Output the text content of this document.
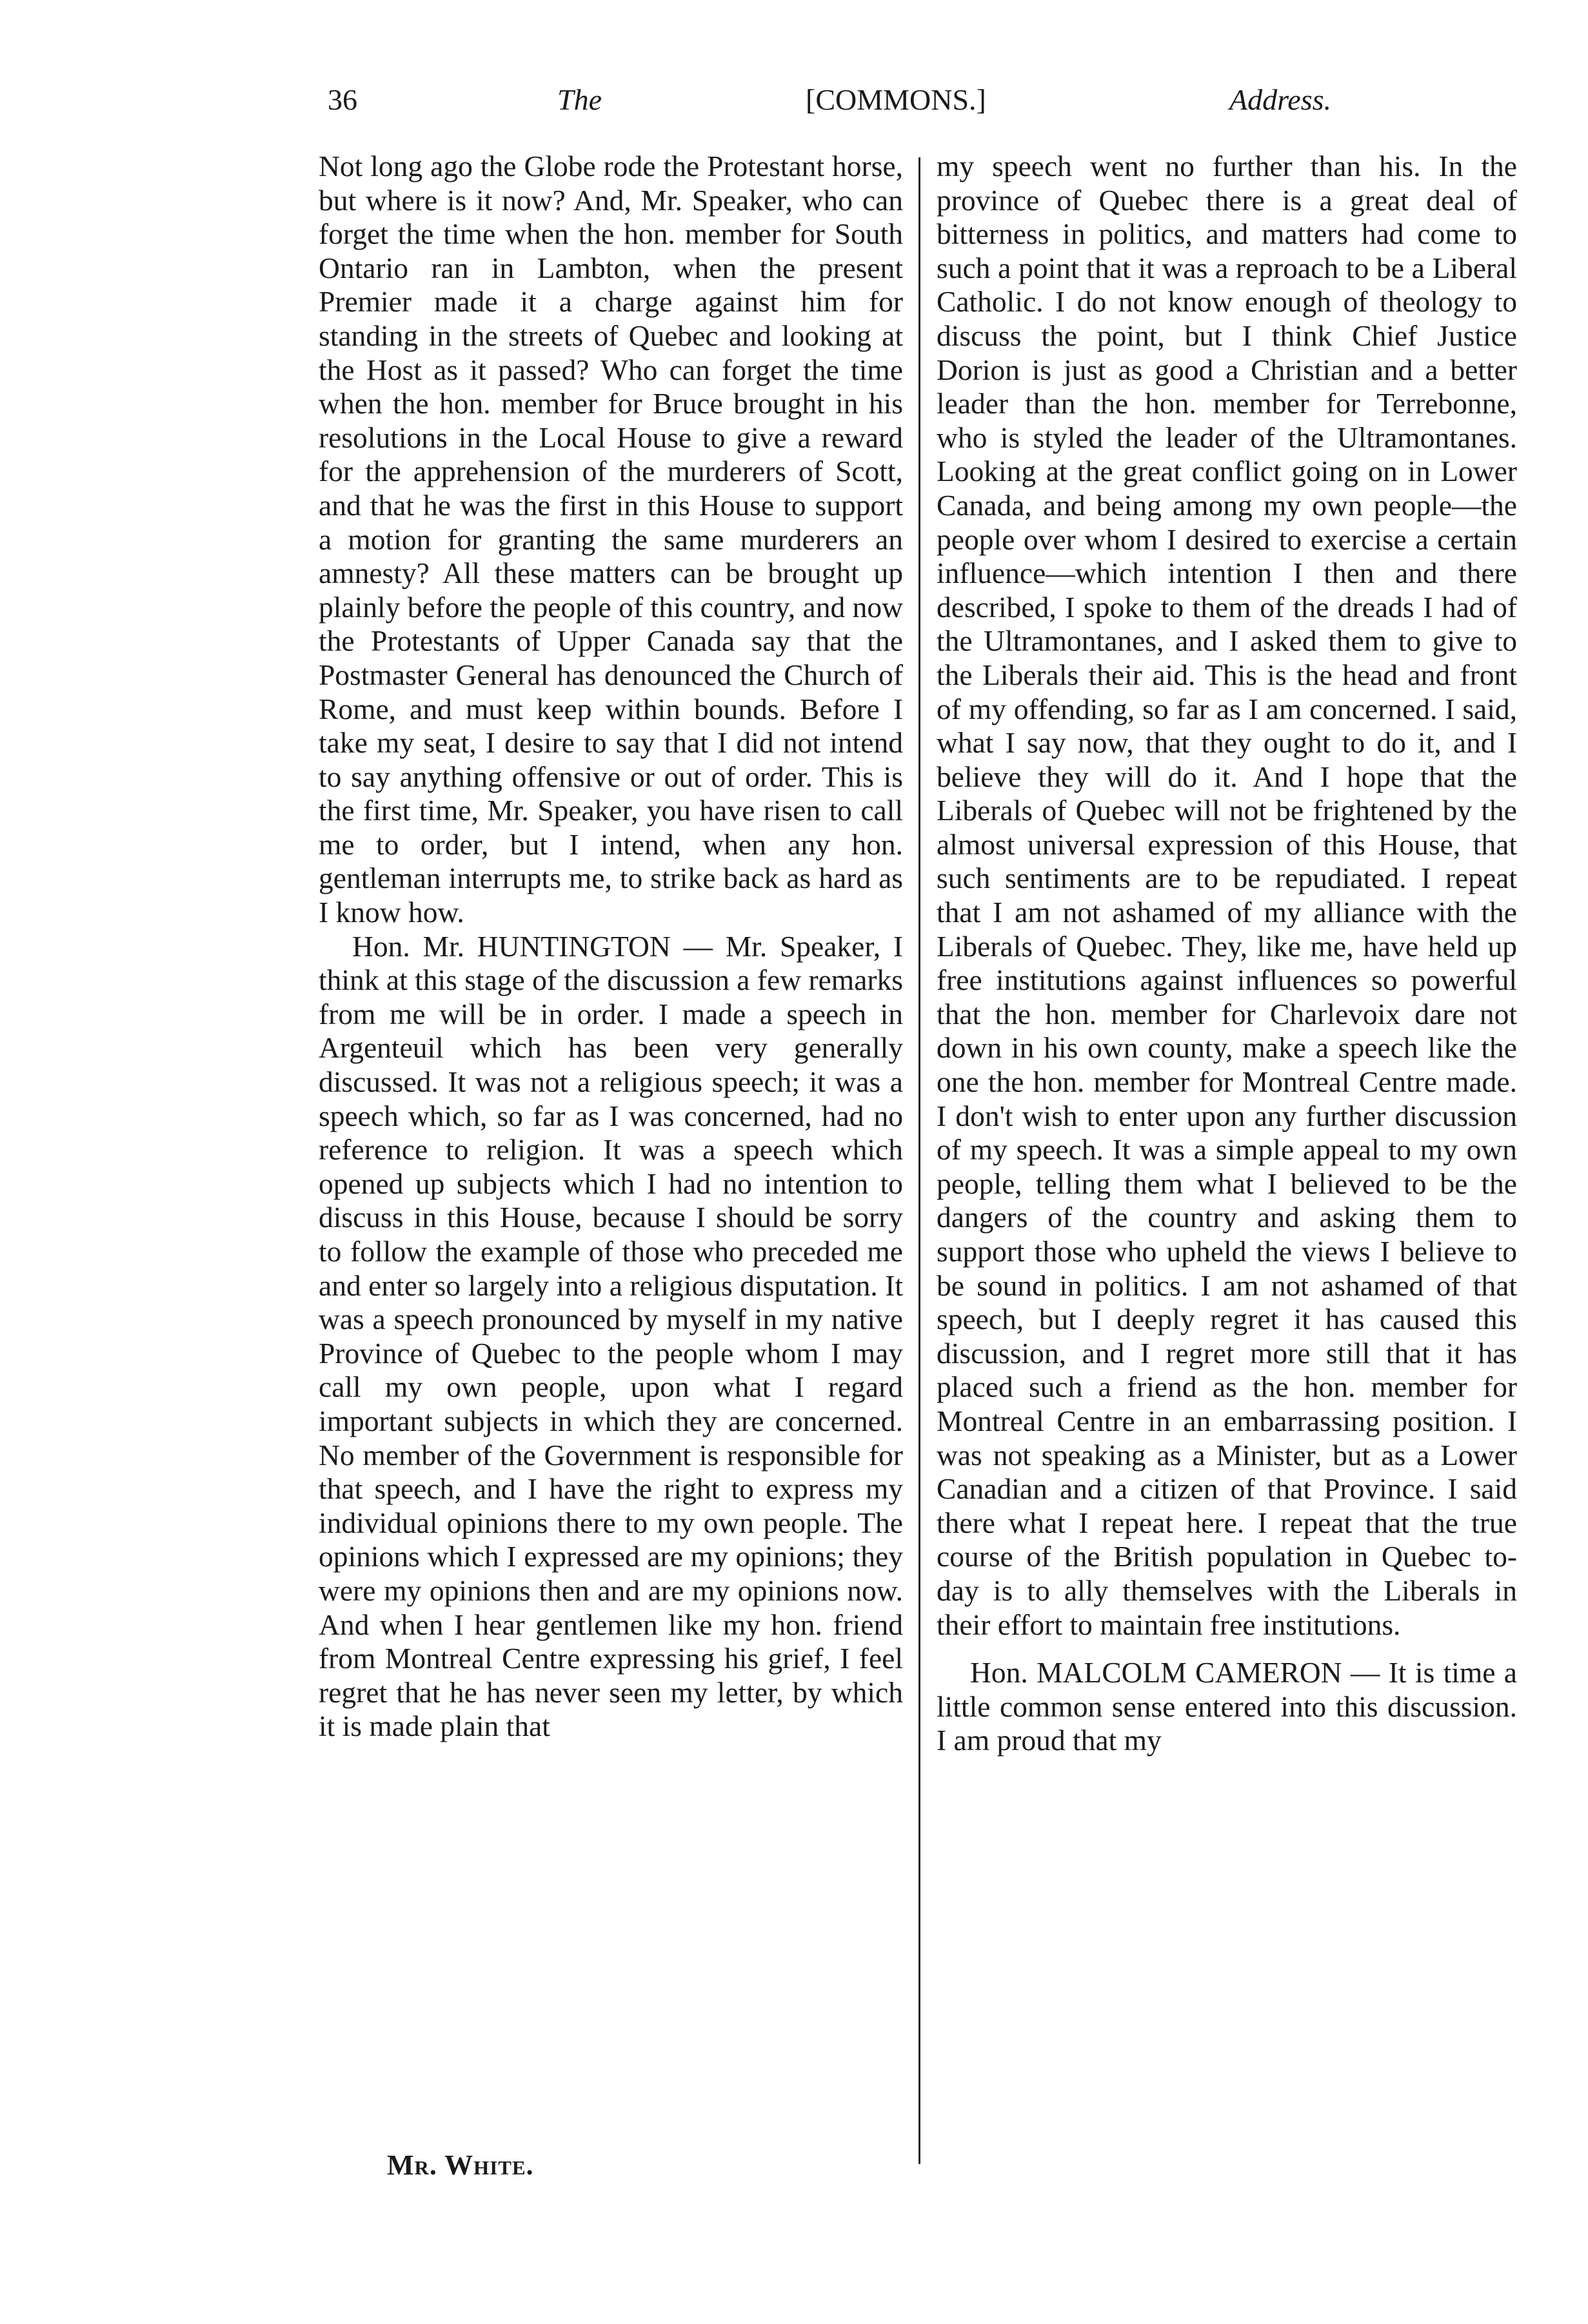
36	The	[COMMONS.]	Address.

Not long ago the Globe rode the Protestant horse, but where is it now? And, Mr. Speaker, who can forget the time when the hon. member for South Ontario ran in Lambton, when the present Premier made it a charge against him for standing in the streets of Quebec and looking at the Host as it passed? Who can forget the time when the hon. member for Bruce brought in his resolutions in the Local House to give a reward for the apprehension of the murderers of Scott, and that he was the first in this House to support a motion for granting the same murderers an amnesty? All these matters can be brought up plainly before the people of this country, and now the Protestants of Upper Canada say that the Postmaster General has denounced the Church of Rome, and must keep within bounds. Before I take my seat, I desire to say that I did not intend to say anything offensive or out of order. This is the first time, Mr. Speaker, you have risen to call me to order, but I intend, when any hon. gentleman interrupts me, to strike back as hard as I know how.

Hon. Mr. HUNTINGTON — Mr. Speaker, I think at this stage of the discussion a few remarks from me will be in order. I made a speech in Argenteuil which has been very generally discussed. It was not a religious speech; it was a speech which, so far as I was concerned, had no reference to religion. It was a speech which opened up subjects which I had no intention to discuss in this House, because I should be sorry to follow the example of those who preceded me and enter so largely into a religious disputation. It was a speech pronounced by myself in my native Province of Quebec to the people whom I may call my own people, upon what I regard important subjects in which they are concerned. No member of the Government is responsible for that speech, and I have the right to express my individual opinions there to my own people. The opinions which I expressed are my opinions; they were my opinions then and are my opinions now. And when I hear gentlemen like my hon. friend from Montreal Centre expressing his grief, I feel regret that he has never seen my letter, by which it is made plain that

my speech went no further than his. In the province of Quebec there is a great deal of bitterness in politics, and matters had come to such a point that it was a reproach to be a Liberal Catholic. I do not know enough of theology to discuss the point, but I think Chief Justice Dorion is just as good a Christian and a better leader than the hon. member for Terrebonne, who is styled the leader of the Ultramontanes. Looking at the great conflict going on in Lower Canada, and being among my own people—the people over whom I desired to exercise a certain influence—which intention I then and there described, I spoke to them of the dreads I had of the Ultramontanes, and I asked them to give to the Liberals their aid. This is the head and front of my offending, so far as I am concerned. I said, what I say now, that they ought to do it, and I believe they will do it. And I hope that the Liberals of Quebec will not be frightened by the almost universal expression of this House, that such sentiments are to be repudiated. I repeat that I am not ashamed of my alliance with the Liberals of Quebec. They, like me, have held up free institutions against influences so powerful that the hon. member for Charlevoix dare not down in his own county, make a speech like the one the hon. member for Montreal Centre made. I don't wish to enter upon any further discussion of my speech. It was a simple appeal to my own people, telling them what I believed to be the dangers of the country and asking them to support those who upheld the views I believe to be sound in politics. I am not ashamed of that speech, but I deeply regret it has caused this discussion, and I regret more still that it has placed such a friend as the hon. member for Montreal Centre in an embarrassing position. I was not speaking as a Minister, but as a Lower Canadian and a citizen of that Province. I said there what I repeat here. I repeat that the true course of the British population in Quebec to-day is to ally themselves with the Liberals in their effort to maintain free institutions.

Hon. MALCOLM CAMERON — It is time a little common sense entered into this discussion. I am proud that my

Mr. White.
